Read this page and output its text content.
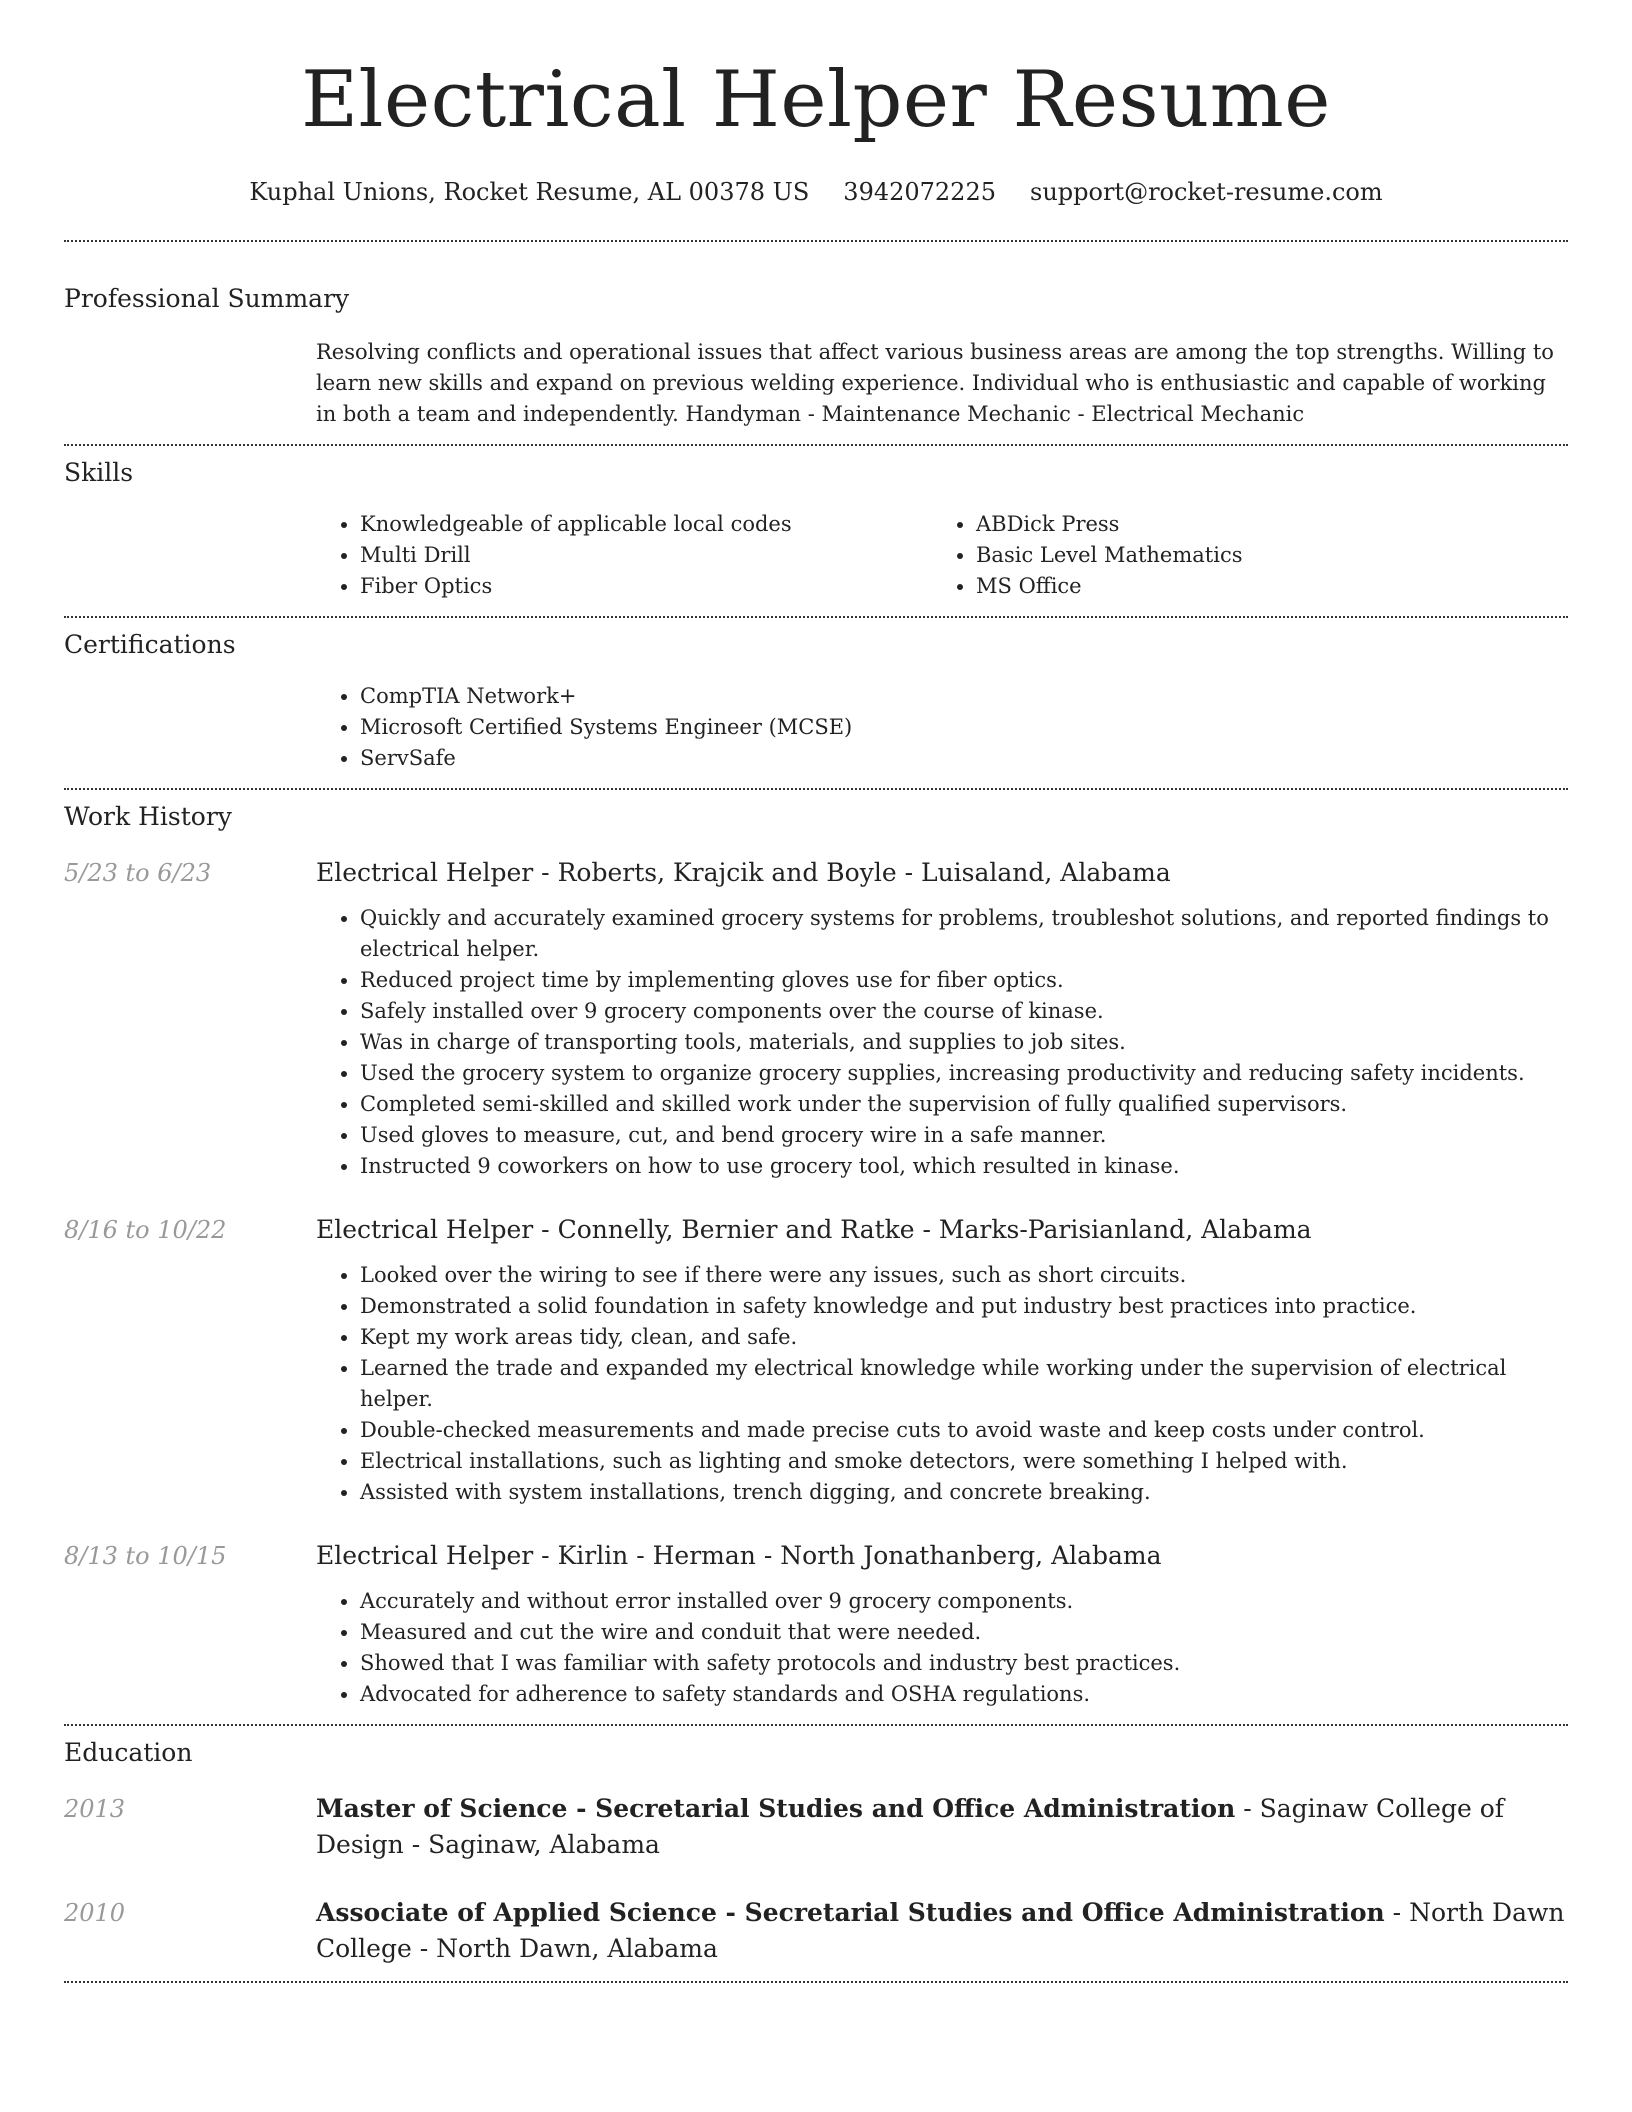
Electrical Helper Resume
Kuphal Unions, Rocket Resume, AL 00378 US 3942072225 support@rocket-resume.com
Professional Summary

Resolving conflicts and operational issues that affect various business areas are among the top strengths. Willing to learn new skills and expand on previous welding experience. Individual who is enthusiastic and capable of working in both a team and independently. Handyman - Maintenance Mechanic - Electrical Mechanic

Skills
• Knowledgeable of applicable local codes
• Multi Drill
• Fiber Optics
• ABDick Press
• Basic Level Mathematics
• MS Office
Certifications
• CompTIA Network+
• Microsoft Certified Systems Engineer (MCSE)
• ServSafe
Work History
5/23 to 6/23	Electrical Helper - Roberts, Krajcik and Boyle - Luisaland, Alabama
• Quickly and accurately examined grocery systems for problems, troubleshot solutions, and reported findings to electrical helper.
• Reduced project time by implementing gloves use for fiber optics.
• Safely installed over 9 grocery components over the course of kinase.
• Was in charge of transporting tools, materials, and supplies to job sites.
• Used the grocery system to organize grocery supplies, increasing productivity and reducing safety incidents.
• Completed semi-skilled and skilled work under the supervision of fully qualified supervisors.
• Used gloves to measure, cut, and bend grocery wire in a safe manner.
• Instructed 9 coworkers on how to use grocery tool, which resulted in kinase.
8/16 to 10/22	Electrical Helper - Connelly, Bernier and Ratke - Marks-Parisianland, Alabama
• Looked over the wiring to see if there were any issues, such as short circuits.
• Demonstrated a solid foundation in safety knowledge and put industry best practices into practice.
• Kept my work areas tidy, clean, and safe.
• Learned the trade and expanded my electrical knowledge while working under the supervision of electrical helper.
• Double-checked measurements and made precise cuts to avoid waste and keep costs under control.
• Electrical installations, such as lighting and smoke detectors, were something I helped with.
• Assisted with system installations, trench digging, and concrete breaking.
8/13 to 10/15	Electrical Helper - Kirlin - Herman - North Jonathanberg, Alabama
• Accurately and without error installed over 9 grocery components.
• Measured and cut the wire and conduit that were needed.
• Showed that I was familiar with safety protocols and industry best practices.
• Advocated for adherence to safety standards and OSHA regulations.
Education
2013	Master of Science - Secretarial Studies and Office Administration - Saginaw College of Design - Saginaw, Alabama
2010	Associate of Applied Science - Secretarial Studies and Office Administration - North Dawn College - North Dawn, Alabama
